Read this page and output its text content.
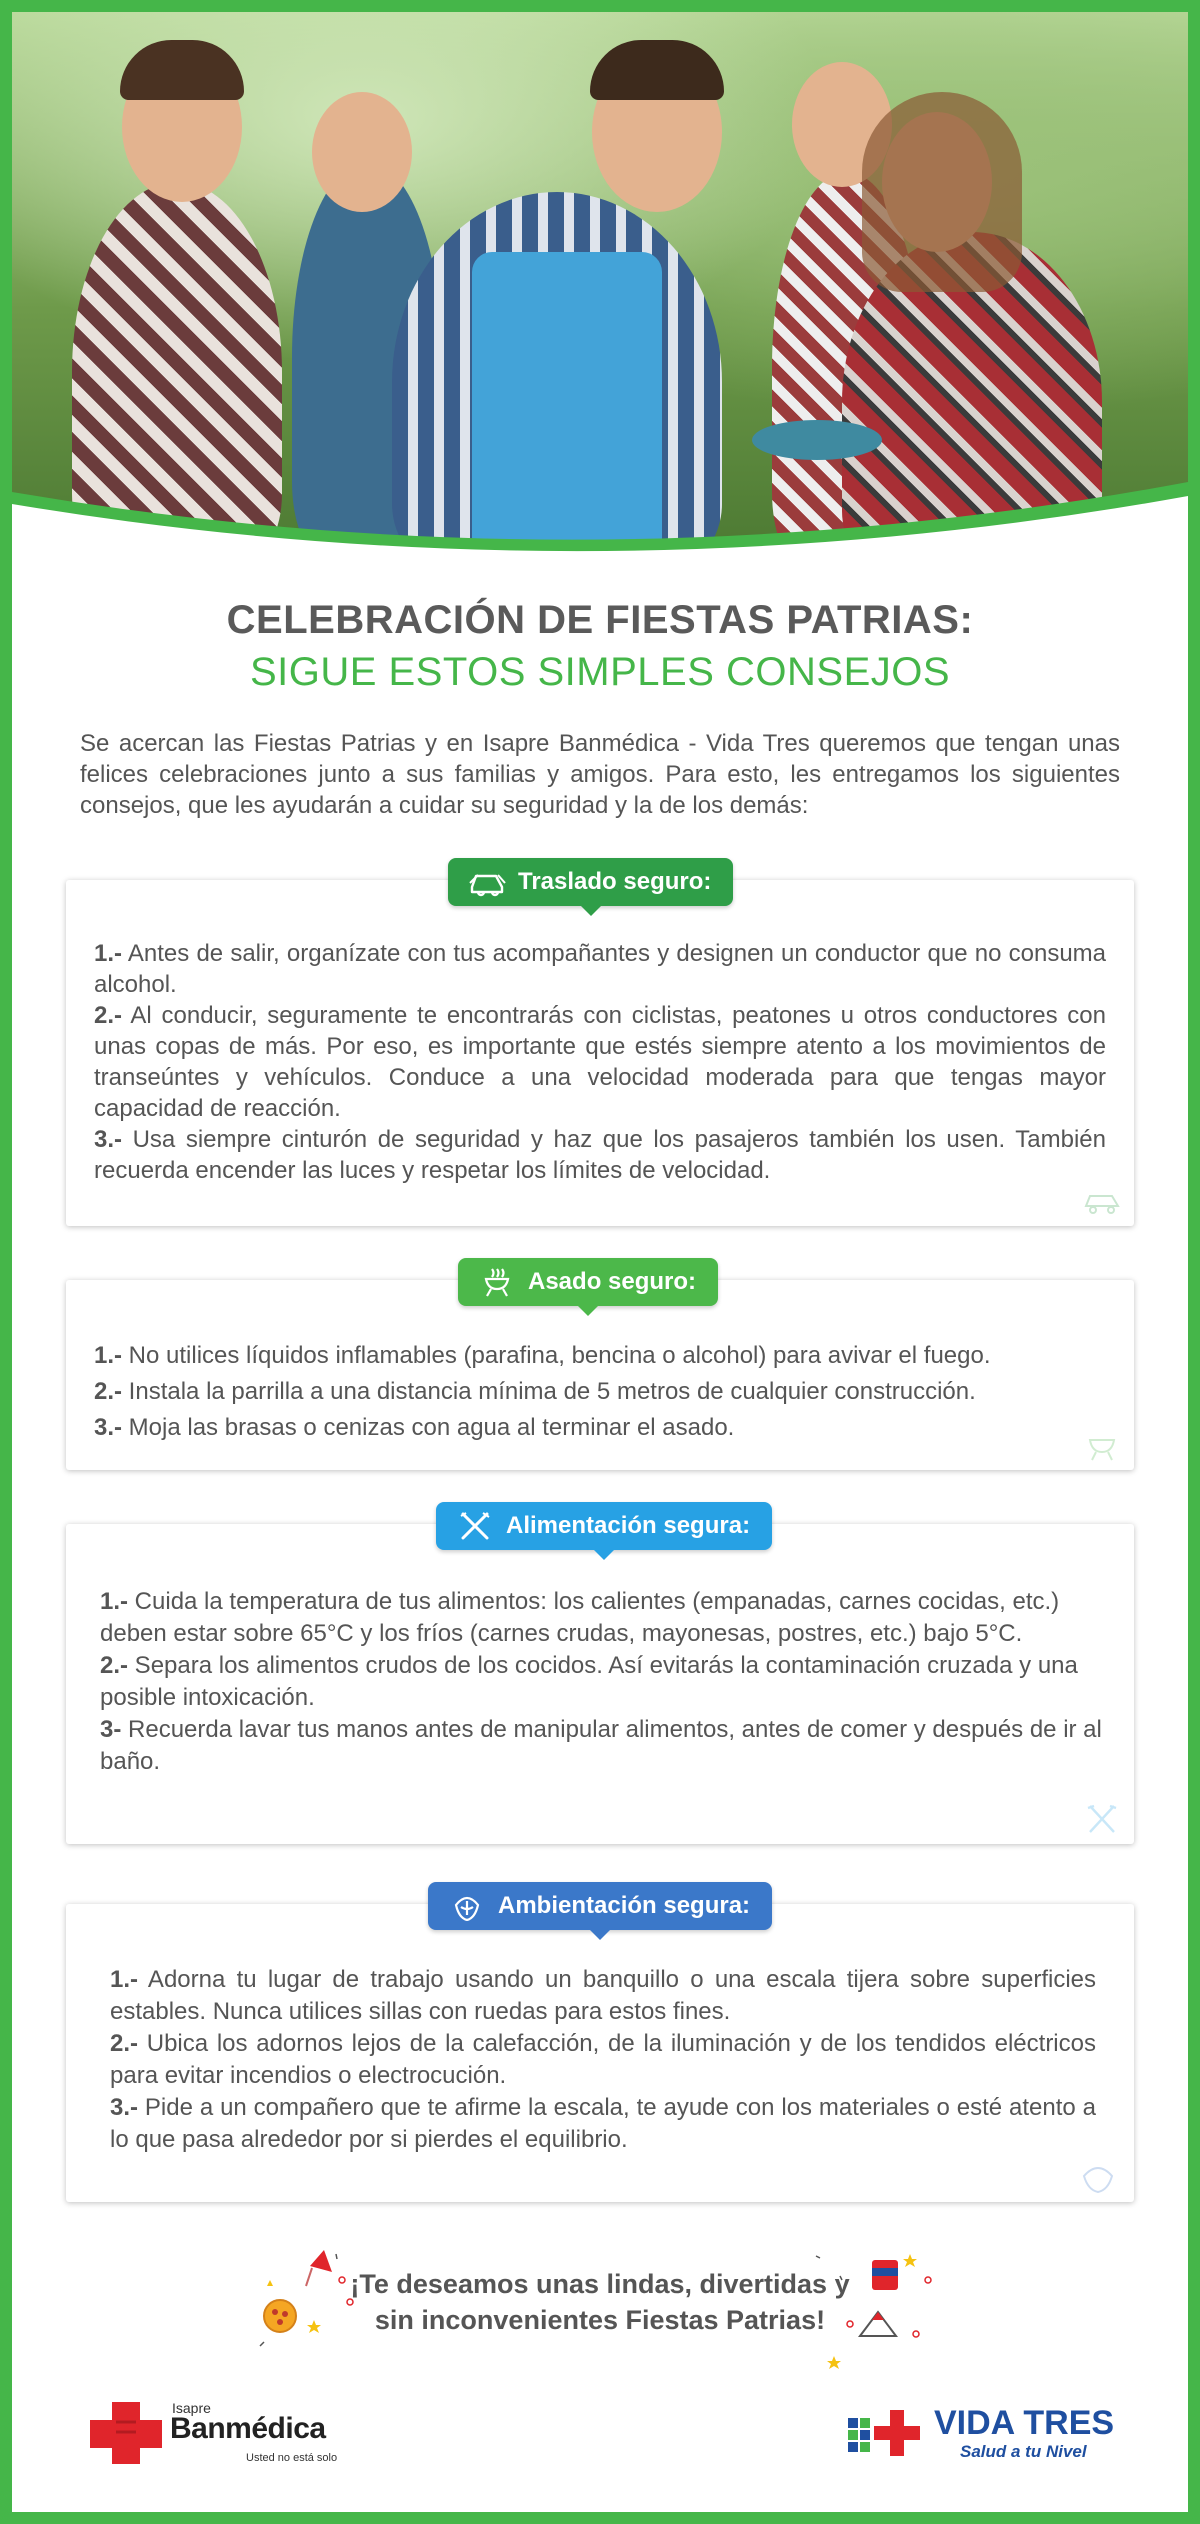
CELEBRACIÓN DE FIESTAS PATRIAS:
SIGUE ESTOS SIMPLES CONSEJOS
Se acercan las Fiestas Patrias y en Isapre Banmédica - Vida Tres queremos que tengan unas felices celebraciones junto a sus familias y amigos. Para esto, les entregamos los siguientes consejos, que les ayudarán a cuidar su seguridad y la de los demás:

1.- Antes de salir, organízate con tus acompañantes y designen un conductor que no consuma alcohol.

2.- Al conducir, seguramente te encontrarás con ciclistas, peatones u otros conductores con unas copas de más. Por eso, es importante que estés siempre atento a los movimientos de transeúntes y vehículos. Conduce a una velocidad moderada para que tengas mayor capacidad de reacción.

3.- Usa siempre cinturón de seguridad y haz que los pasajeros también los usen. También recuerda encender las luces y respetar los límites de velocidad.

Traslado seguro:

1.- No utilices líquidos inflamables (parafina, bencina o alcohol) para avivar el fuego.

2.- Instala la parrilla a una distancia mínima de 5 metros de cualquier construcción.

3.- Moja las brasas o cenizas con agua al terminar el asado.

Asado seguro:

1.- Cuida la temperatura de tus alimentos: los calientes (empanadas, carnes cocidas, etc.) deben estar sobre 65°C y los fríos (carnes crudas, mayonesas, postres, etc.) bajo 5°C.

2.- Separa los alimentos crudos de los cocidos. Así evitarás la contaminación cruzada y una posible intoxicación.

3- Recuerda lavar tus manos antes de manipular alimentos, antes de comer y después de ir al baño.

Alimentación segura:

1.- Adorna tu lugar de trabajo usando un banquillo o una escala tijera sobre superficies estables. Nunca utilices sillas con ruedas para estos fines.

2.- Ubica los adornos lejos de la calefacción, de la iluminación y de los tendidos eléctricos para evitar incendios o electrocución.

3.- Pide a un compañero que te afirme la escala, te ayude con los materiales o esté atento a lo que pasa alrededor por si pierdes el equilibrio.

Ambientación segura:
¡Te deseamos unas lindas, divertidas y
sin inconvenientes Fiestas Patrias!
Isapre
Banmédica
Usted no está solo
VIDA TRES
Salud a tu Nivel
